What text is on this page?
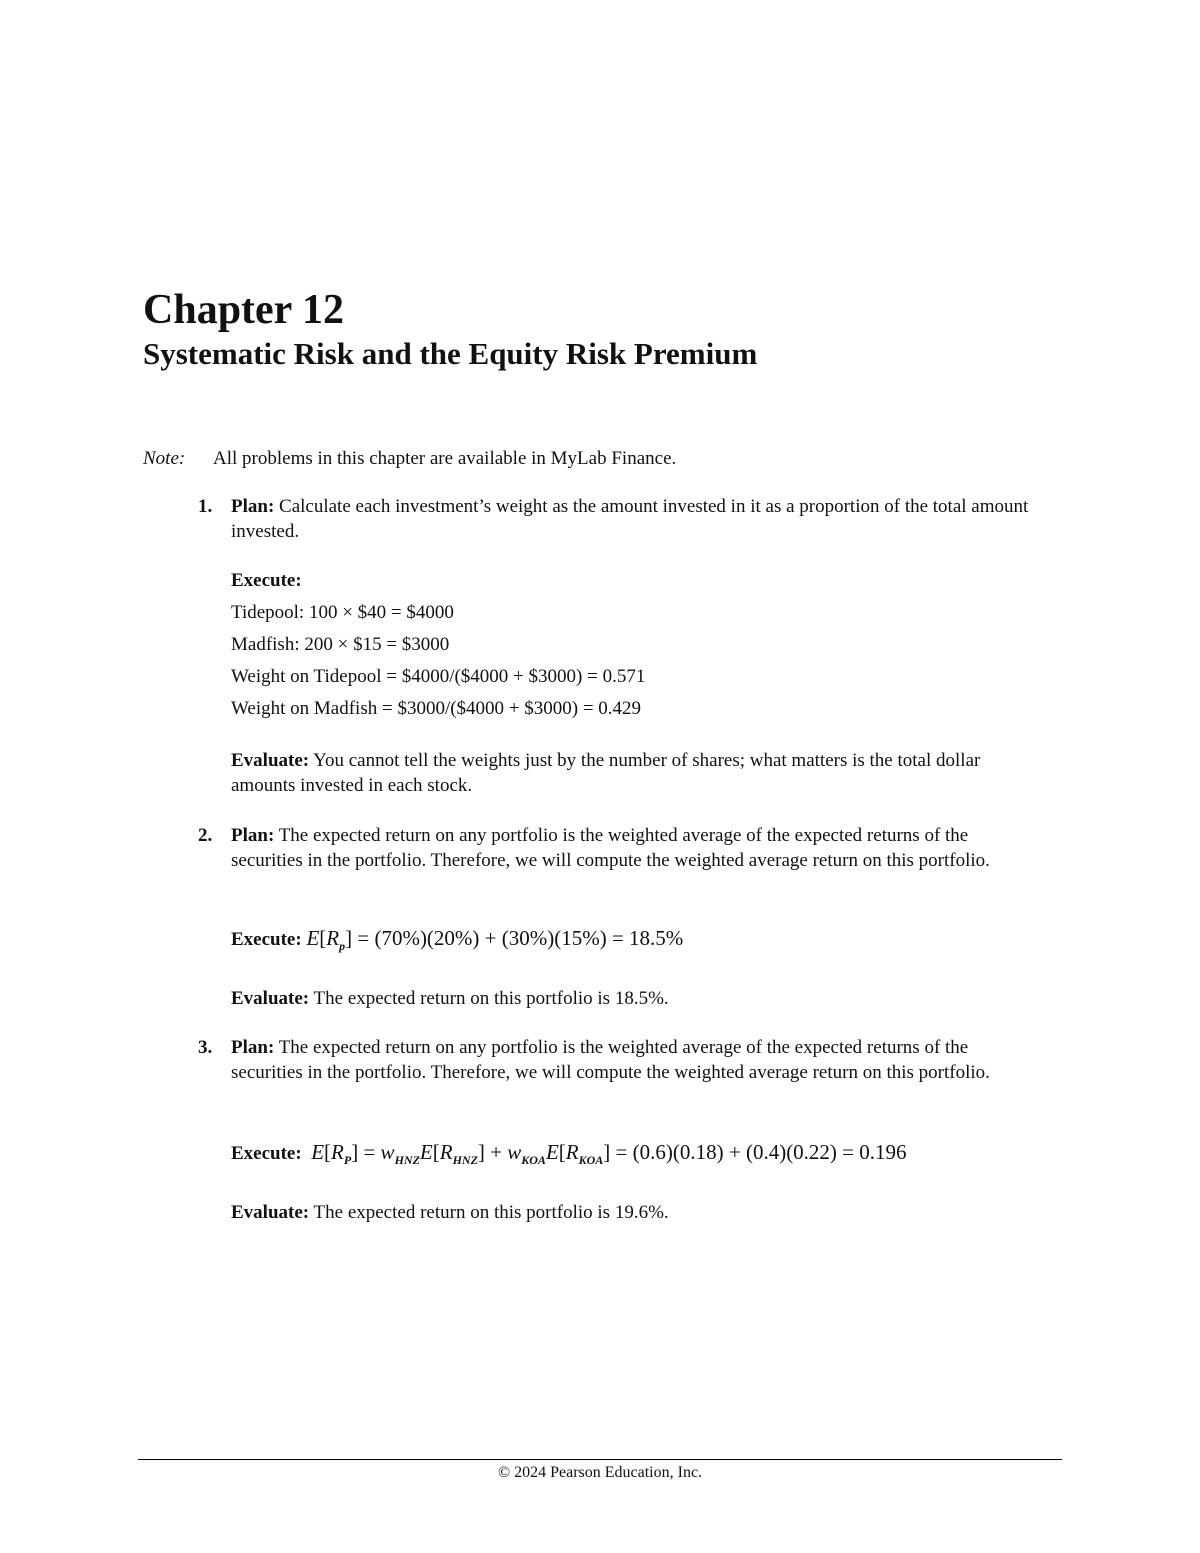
Chapter 12
Systematic Risk and the Equity Risk Premium
Note: All problems in this chapter are available in MyLab Finance.
1. Plan: Calculate each investment’s weight as the amount invested in it as a proportion of the total amount invested.
Execute:
Tidepool: 100 × $40 = $4000
Madfish: 200 × $15 = $3000
Weight on Tidepool = $4000/($4000 + $3000) = 0.571
Weight on Madfish = $3000/($4000 + $3000) = 0.429
Evaluate: You cannot tell the weights just by the number of shares; what matters is the total dollar amounts invested in each stock.
2. Plan: The expected return on any portfolio is the weighted average of the expected returns of the securities in the portfolio. Therefore, we will compute the weighted average return on this portfolio.
Execute: $E[R_p] = (70\%)(20\%) + (30\%)(15\%) = 18.5\%$
Evaluate: The expected return on this portfolio is 18.5%.
3. Plan: The expected return on any portfolio is the weighted average of the expected returns of the securities in the portfolio. Therefore, we will compute the weighted average return on this portfolio.
Execute: $E[R_P] = w_{HNZ}E[R_{HNZ}] + w_{KOA}E[R_{KOA}] = (0.6)(0.18) + (0.4)(0.22) = 0.196$
Evaluate: The expected return on this portfolio is 19.6%.
© 2024 Pearson Education, Inc.
